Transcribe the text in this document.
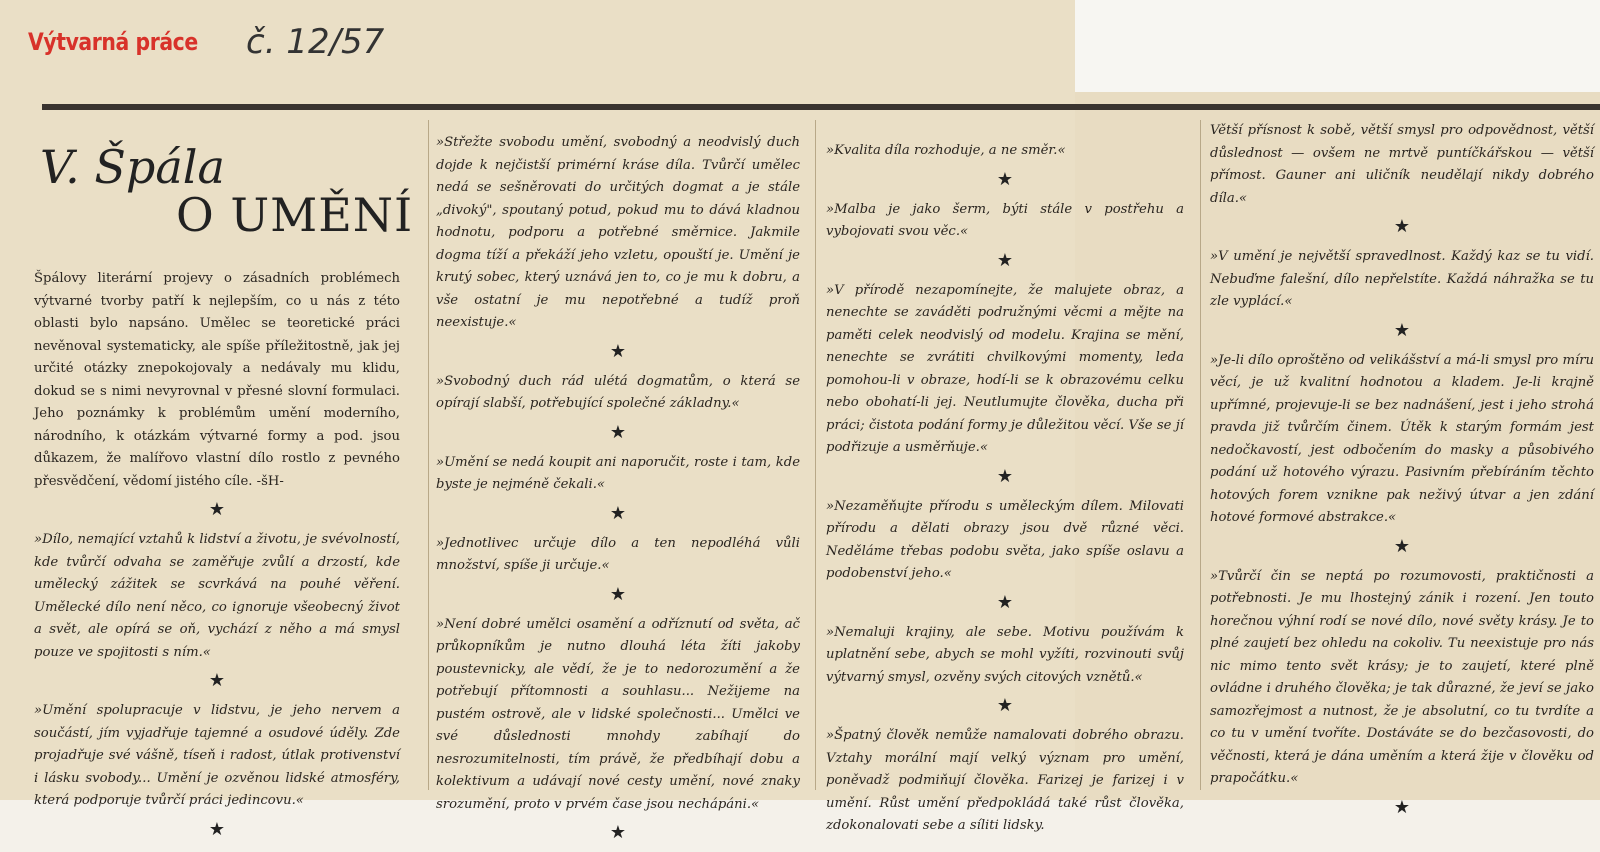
Výtvarná práce č. 12/57
V. Špála
O UMĚNÍ

Špálovy literární projevy o zásadních problémech výtvarné tvorby patří k nejlepším, co u nás z této oblasti bylo napsáno. Umělec se teoretické práci nevěnoval systematicky, ale spíše příležitostně, jak jej určité otázky znepokojovaly a nedávaly mu klidu, dokud se s nimi nevyrovnal v přesné slovní formulaci. Jeho poznámky k problémům umění moderního, národního, k otázkám výtvarné formy a pod. jsou důkazem, že malířovo vlastní dílo rostlo z pevného přesvědčení, vědomí jistého cíle. -šH-

★

»Dílo, nemající vztahů k lidství a životu, je svévolností, kde tvůrčí odvaha se zaměřuje zvůlí a drzostí, kde umělecký zážitek se scvrkává na pouhé věření. Umělecké dílo není něco, co ignoruje všeobecný život a svět, ale opírá se oň, vychází z něho a má smysl pouze ve spojitosti s ním.«

★

»Umění spolupracuje v lidstvu, je jeho nervem a součástí, jím vyjadřuje tajemné a osudové úděly. Zde projadřuje své vášně, tíseň i radost, útlak protivenství i lásku svobody... Umění je ozvěnou lidské atmosféry, která podporuje tvůrčí práci jedincovu.«

★

»Střežte svobodu umění, svobodný a neodvislý duch dojde k nejčistší primérní kráse díla. Tvůrčí umělec nedá se sešněrovati do určitých dogmat a je stále „divoký", spoutaný potud, pokud mu to dává kladnou hodnotu, podporu a potřebné směrnice. Jakmile dogma tíží a překáží jeho vzletu, opouští je. Umění je krutý sobec, který uznává jen to, co je mu k dobru, a vše ostatní je mu nepotřebné a tudíž proň neexistuje.«

★

»Svobodný duch rád ulétá dogmatům, o která se opírají slabší, potřebující společné základny.«

★

»Umění se nedá koupit ani naporučit, roste i tam, kde byste je nejméně čekali.«

★

»Jednotlivec určuje dílo a ten nepodléhá vůli množství, spíše ji určuje.«

★

»Není dobré umělci osamění a odříznutí od světa, ač průkopníkům je nutno dlouhá léta žíti jakoby poustevnicky, ale vědí, že je to nedorozumění a že potřebují přítomnosti a souhlasu... Nežijeme na pustém ostrově, ale v lidské společnosti... Umělci ve své důslednosti mnohdy zabíhají do nesrozumitelnosti, tím právě, že předbíhají dobu a kolektivum a udávají nové cesty umění, nové znaky srozumění, proto v prvém čase jsou nechápáni.«

★

»Kvalita díla rozhoduje, a ne směr.«

★

»Malba je jako šerm, býti stále v postřehu a vybojovati svou věc.«

★

»V přírodě nezapomínejte, že malujete obraz, a nenechte se zaváděti podružnými věcmi a mějte na paměti celek neodvislý od modelu. Krajina se mění, nenechte se zvrátiti chvilkovými momenty, leda pomohou-li v obraze, hodí-li se k obrazovému celku nebo obohatí-li jej. Neutlumujte člověka, ducha při práci; čistota podání formy je důležitou věcí. Vše se jí podřizuje a usměrňuje.«

★

»Nezaměňujte přírodu s uměleckým dílem. Milovati přírodu a dělati obrazy jsou dvě různé věci. Neděláme třebas podobu světa, jako spíše oslavu a podobenství jeho.«

★

»Nemaluji krajiny, ale sebe. Motivu používám k uplatnění sebe, abych se mohl vyžíti, rozvinouti svůj výtvarný smysl, ozvěny svých citových vznětů.«

★

»Špatný člověk nemůže namalovati dobrého obrazu. Vztahy morální mají velký význam pro umění, poněvadž podmiňují člověka. Farizej je farizej i v umění. Růst umění předpokládá také růst člověka, zdokonalovati sebe a síliti lidsky.

Větší přísnost k sobě, větší smysl pro odpovědnost, větší důslednost — ovšem ne mrtvě puntíčkářskou — větší přímost. Gauner ani uličník neudělají nikdy dobrého díla.«

★

»V umění je největší spravedlnost. Každý kaz se tu vidí. Nebuďme falešní, dílo nepřelstíte. Každá náhražka se tu zle vyplácí.«

★

»Je-li dílo oproštěno od velikášství a má-li smysl pro míru věcí, je už kvalitní hodnotou a kladem. Je-li krajně upřímné, projevuje-li se bez nadnášení, jest i jeho strohá pravda již tvůrčím činem. Útěk k starým formám jest nedočkavostí, jest odbočením do masky a působivého podání už hotového výrazu. Pasivním přebíráním těchto hotových forem vznikne pak neživý útvar a jen zdání hotové formové abstrakce.«

★

»Tvůrčí čin se neptá po rozumovosti, praktičnosti a potřebnosti. Je mu lhostejný zánik i rození. Jen touto horečnou výhní rodí se nové dílo, nové světy krásy. Je to plné zaujetí bez ohledu na cokoliv. Tu neexistuje pro nás nic mimo tento svět krásy; je to zaujetí, které plně ovládne i druhého člověka; je tak důrazné, že jeví se jako samozřejmost a nutnost, že je absolutní, co tu tvrdíte a co tu v umění tvoříte. Dostáváte se do bezčasovosti, do věčnosti, která je dána uměním a která žije v člověku od prapočátku.«

★
